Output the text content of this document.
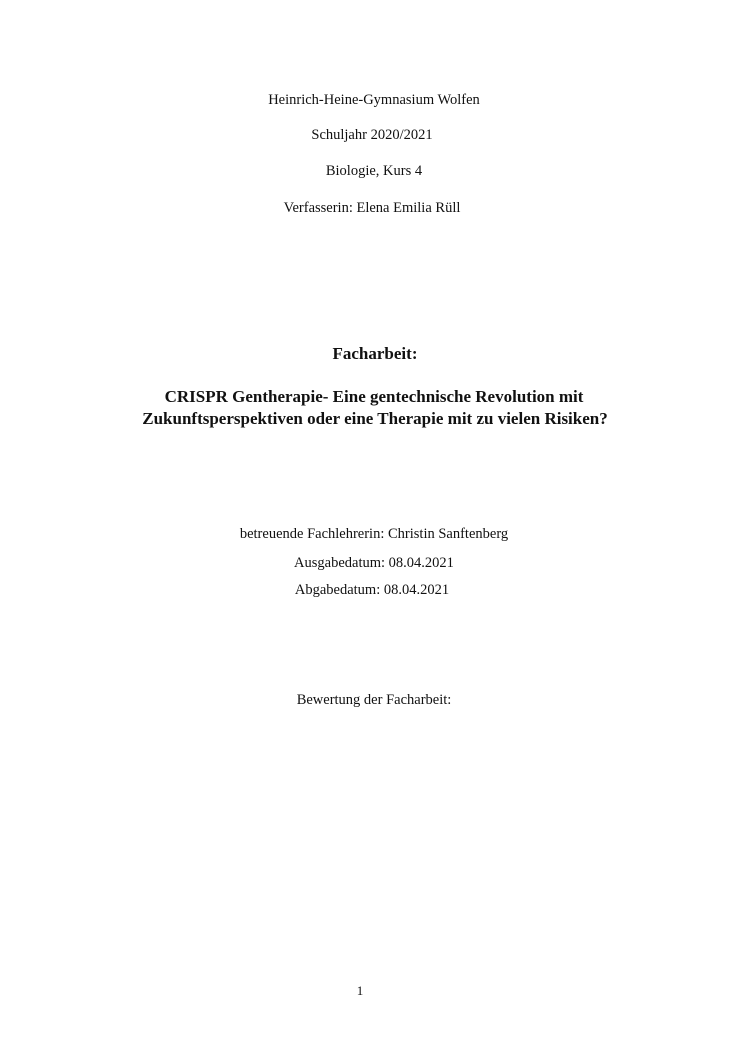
Heinrich-Heine-Gymnasium Wolfen
Schuljahr 2020/2021
Biologie, Kurs 4
Verfasserin: Elena Emilia Rüll
Facharbeit:
CRISPR Gentherapie- Eine gentechnische Revolution mit
Zukunftsperspektiven oder eine Therapie mit zu vielen Risiken?
betreuende Fachlehrerin: Christin Sanftenberg
Ausgabedatum: 08.04.2021
Abgabedatum: 08.04.2021
Bewertung der Facharbeit:
1
